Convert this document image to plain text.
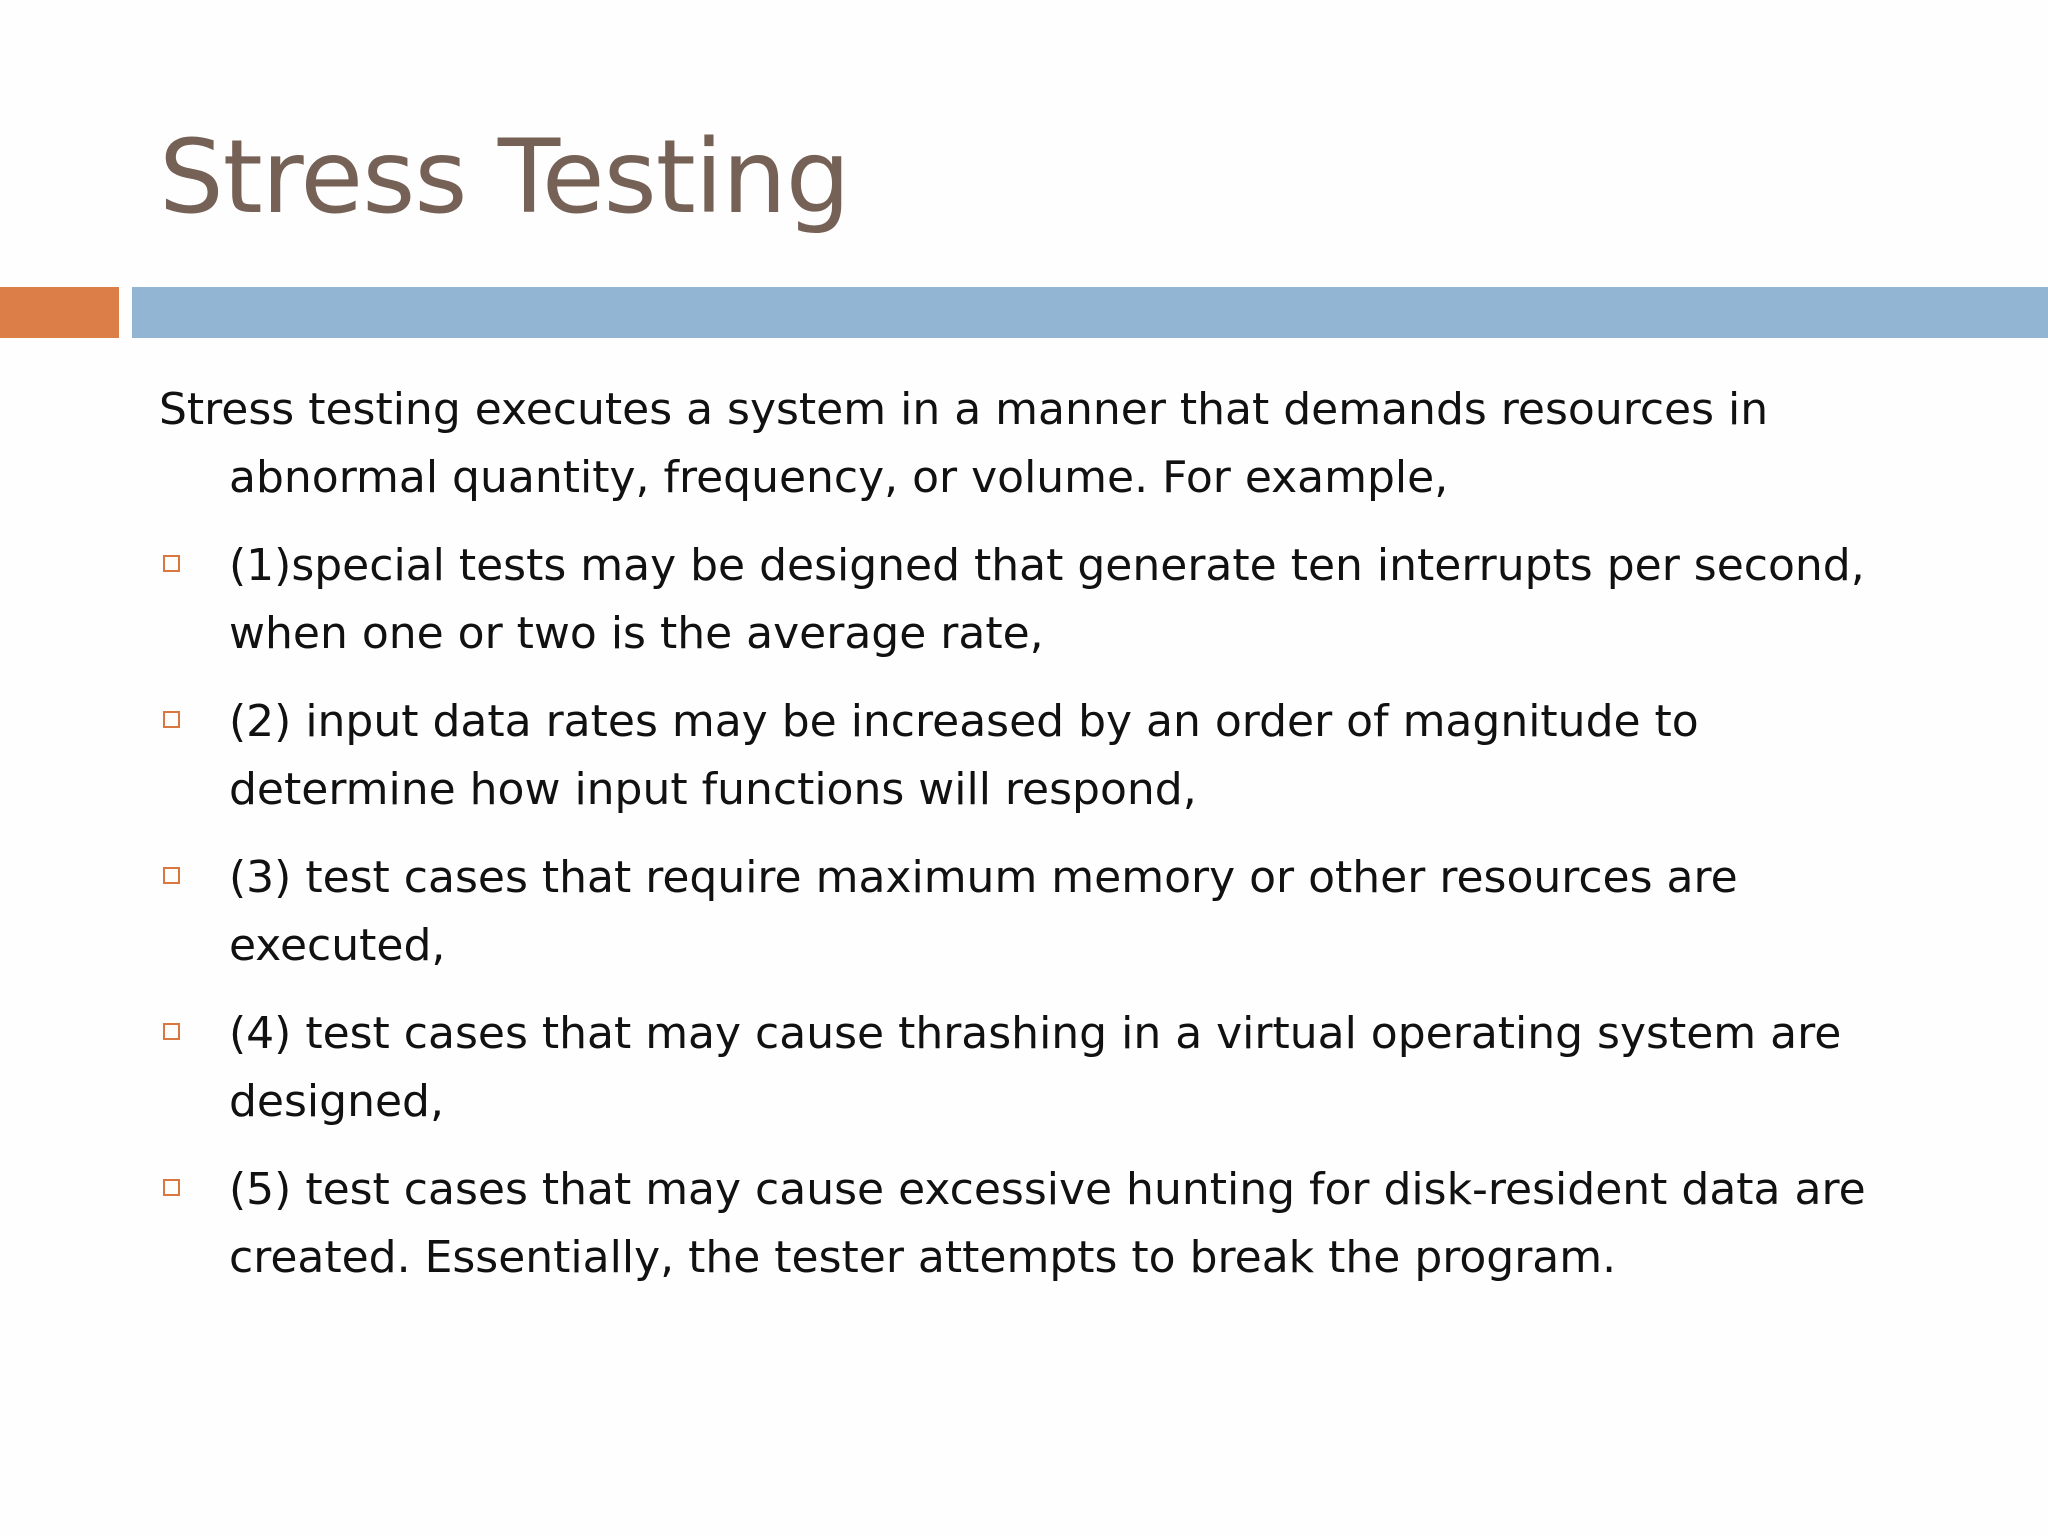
Stress Testing

Stress testing executes a system in a manner that demands resources in abnormal quantity, frequency, or volume. For example,

(1)special tests may be designed that generate ten interrupts per second, when one or two is the average rate,
(2) input data rates may be increased by an order of magnitude to determine how input functions will respond,
(3) test cases that require maximum memory or other resources are executed,
(4) test cases that may cause thrashing in a virtual operating system are designed,
(5) test cases that may cause excessive hunting for disk-resident data are created. Essentially, the tester attempts to break the program.
